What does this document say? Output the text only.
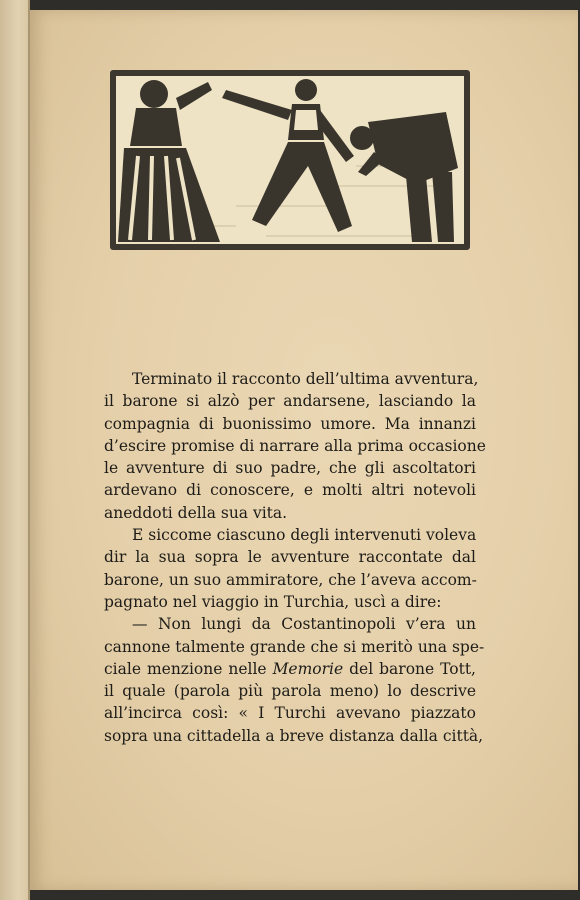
Terminato il racconto dell’ultima avventura,
il barone si alzò per andarsene, lasciando la
compagnia di buonissimo umore. Ma innanzi
d’escire promise di narrare alla prima occasione
le avventure di suo padre, che gli ascoltatori
ardevano di conoscere, e molti altri notevoli
aneddoti della sua vita.

E siccome ciascuno degli intervenuti voleva
dir la sua sopra le avventure raccontate dal
barone, un suo ammiratore, che l’aveva accom-
pagnato nel viaggio in Turchia, uscì a dire:

— Non lungi da Costantinopoli v’era un
cannone talmente grande che si meritò una spe-
ciale menzione nelle Memorie del barone Tott,
il quale (parola più parola meno) lo descrive
all’incirca così: « I Turchi avevano piazzato
sopra una cittadella a breve distanza dalla città,
